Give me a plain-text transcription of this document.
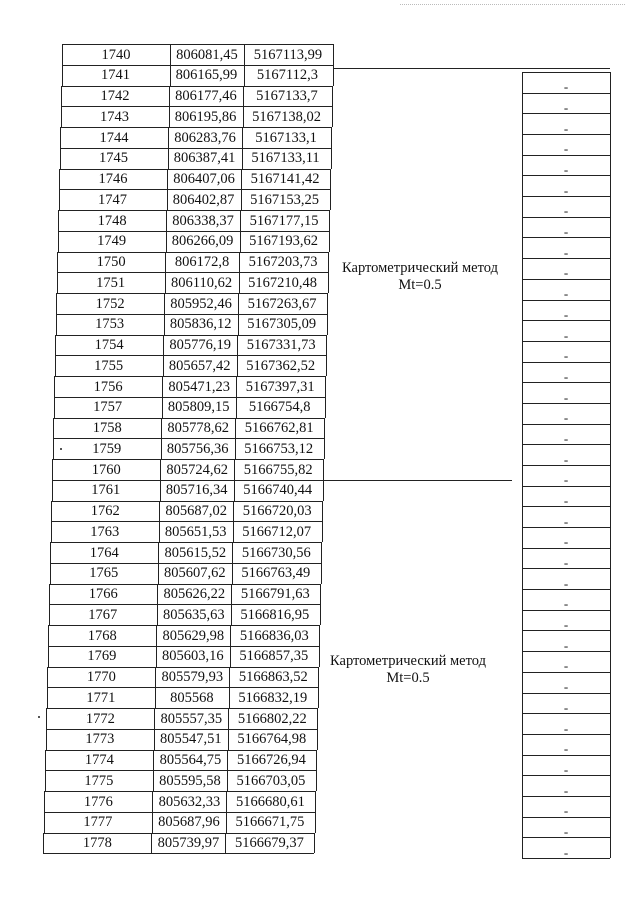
1740	806081,45	5167113,99
1741	806165,99	5167112,3
-
1742	806177,46	5167133,7
-
1743	806195,86	5167138,02
-
1744	806283,76	5167133,1
-
1745	806387,41	5167133,11
-
1746	806407,06	5167141,42
-
1747	806402,87	5167153,25
-
1748	806338,37	5167177,15
-
1749	806266,09	5167193,62
-
1750	806172,8	5167203,73
-
1751	806110,62	5167210,48
-
1752	805952,46	5167263,67
-
1753	805836,12	5167305,09
-
1754	805776,19	5167331,73
-
1755	805657,42	5167362,52
-
1756	805471,23	5167397,31
-
1757	805809,15	5166754,8
-
1758	805778,62	5166762,81
-
1759	805756,36	5166753,12
-
1760	805724,62	5166755,82
-
1761	805716,34	5166740,44
-
1762	805687,02	5166720,03
-
1763	805651,53	5166712,07
-
1764	805615,52	5166730,56
-
1765	805607,62	5166763,49
-
1766	805626,22	5166791,63
-
1767	805635,63	5166816,95
-
1768	805629,98	5166836,03
-
1769	805603,16	5166857,35
-
1770	805579,93	5166863,52
-
1771	805568	5166832,19
-
1772	805557,35	5166802,22
-
1773	805547,51	5166764,98
-
1774	805564,75	5166726,94
-
1775	805595,58	5166703,05
-
1776	805632,33	5166680,61
-
1777	805687,96	5166671,75
-
1778	805739,97	5166679,37
-
Картометрический метод
Mt=0.5
Картометрический метод
Mt=0.5
